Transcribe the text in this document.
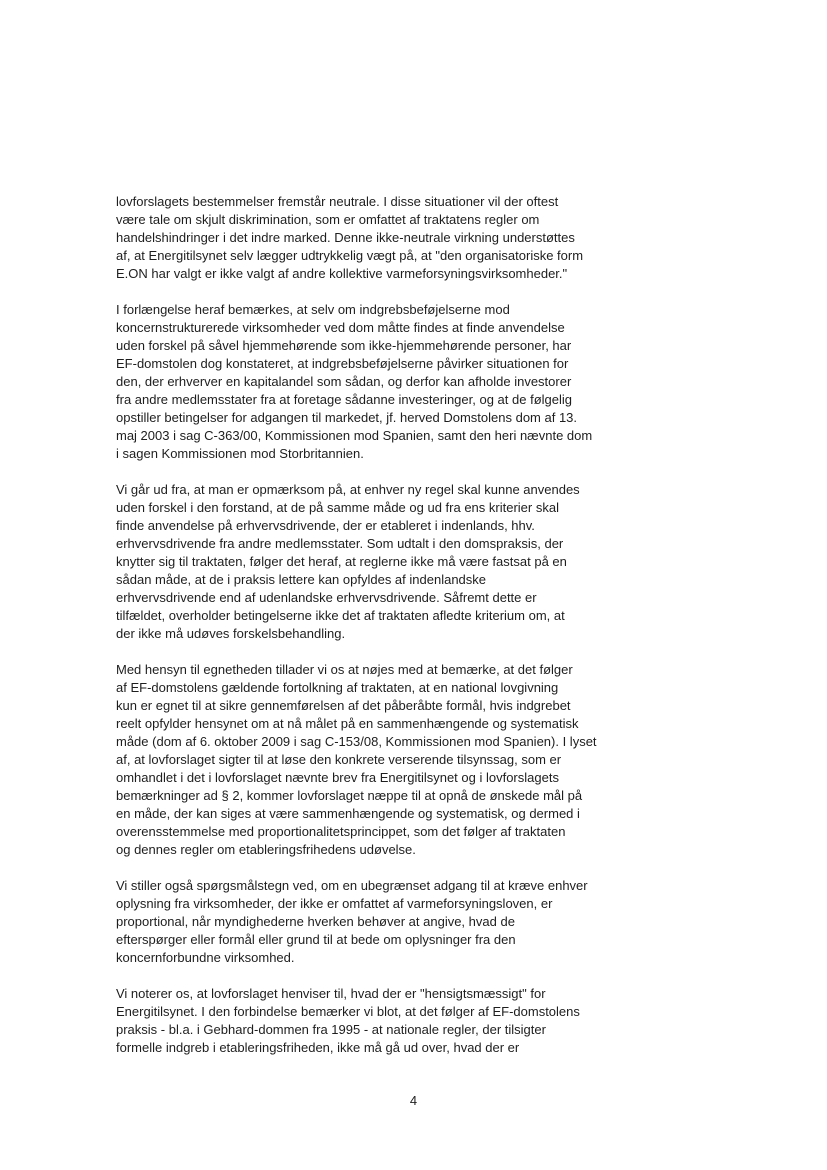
lovforslagets bestemmelser fremstår neutrale. I disse situationer vil der oftest
være tale om skjult diskrimination, som er omfattet af traktatens regler om
handelshindringer i det indre marked. Denne ikke-neutrale virkning understøttes
af, at Energitilsynet selv lægger udtrykkelig vægt på, at "den organisatoriske form
E.ON har valgt er ikke valgt af andre kollektive varmeforsyningsvirksomheder."
I forlængelse heraf bemærkes, at selv om indgrebsbeføjelserne mod
koncernstrukturerede virksomheder ved dom måtte findes at finde anvendelse
uden forskel på såvel hjemmehørende som ikke-hjemmehørende personer, har
EF-domstolen dog konstateret, at indgrebsbeføjelserne påvirker situationen for
den, der erhverver en kapitalandel som sådan, og derfor kan afholde investorer
fra andre medlemsstater fra at foretage sådanne investeringer, og at de følgelig
opstiller betingelser for adgangen til markedet, jf. herved Domstolens dom af 13.
maj 2003 i sag C-363/00, Kommissionen mod Spanien, samt den heri nævnte dom
i sagen Kommissionen mod Storbritannien.
Vi går ud fra, at man er opmærksom på, at enhver ny regel skal kunne anvendes
uden forskel i den forstand, at de på samme måde og ud fra ens kriterier skal
finde anvendelse på erhvervsdrivende, der er etableret i indenlands, hhv.
erhvervsdrivende fra andre medlemsstater. Som udtalt i den domspraksis, der
knytter sig til traktaten, følger det heraf, at reglerne ikke må være fastsat på en
sådan måde, at de i praksis lettere kan opfyldes af indenlandske
erhvervsdrivende end af udenlandske erhvervsdrivende. Såfremt dette er
tilfældet, overholder betingelserne ikke det af traktaten afledte kriterium om, at
der ikke må udøves forskelsbehandling.
Med hensyn til egnetheden tillader vi os at nøjes med at bemærke, at det følger
af EF-domstolens gældende fortolkning af traktaten, at en national lovgivning
kun er egnet til at sikre gennemførelsen af det påberåbte formål, hvis indgrebet
reelt opfylder hensynet om at nå målet på en sammenhængende og systematisk
måde (dom af 6. oktober 2009 i sag C-153/08, Kommissionen mod Spanien). I lyset
af, at lovforslaget sigter til at løse den konkrete verserende tilsynssag, som er
omhandlet i det i lovforslaget nævnte brev fra Energitilsynet og i lovforslagets
bemærkninger ad § 2, kommer lovforslaget næppe til at opnå de ønskede mål på
en måde, der kan siges at være sammenhængende og systematisk, og dermed i
overensstemmelse med proportionalitetsprincippet, som det følger af traktaten
og dennes regler om etableringsfrihedens udøvelse.
Vi stiller også spørgsmålstegn ved, om en ubegrænset adgang til at kræve enhver
oplysning fra virksomheder, der ikke er omfattet af varmeforsyningsloven, er
proportional, når myndighederne hverken behøver at angive, hvad de
efterspørger eller formål eller grund til at bede om oplysninger fra den
koncernforbundne virksomhed.
Vi noterer os, at lovforslaget henviser til, hvad der er "hensigtsmæssigt" for
Energitilsynet. I den forbindelse bemærker vi blot, at det følger af EF-domstolens
praksis - bl.a. i Gebhard-dommen fra 1995 - at nationale regler, der tilsigter
formelle indgreb i etableringsfriheden, ikke må gå ud over, hvad der er
4
